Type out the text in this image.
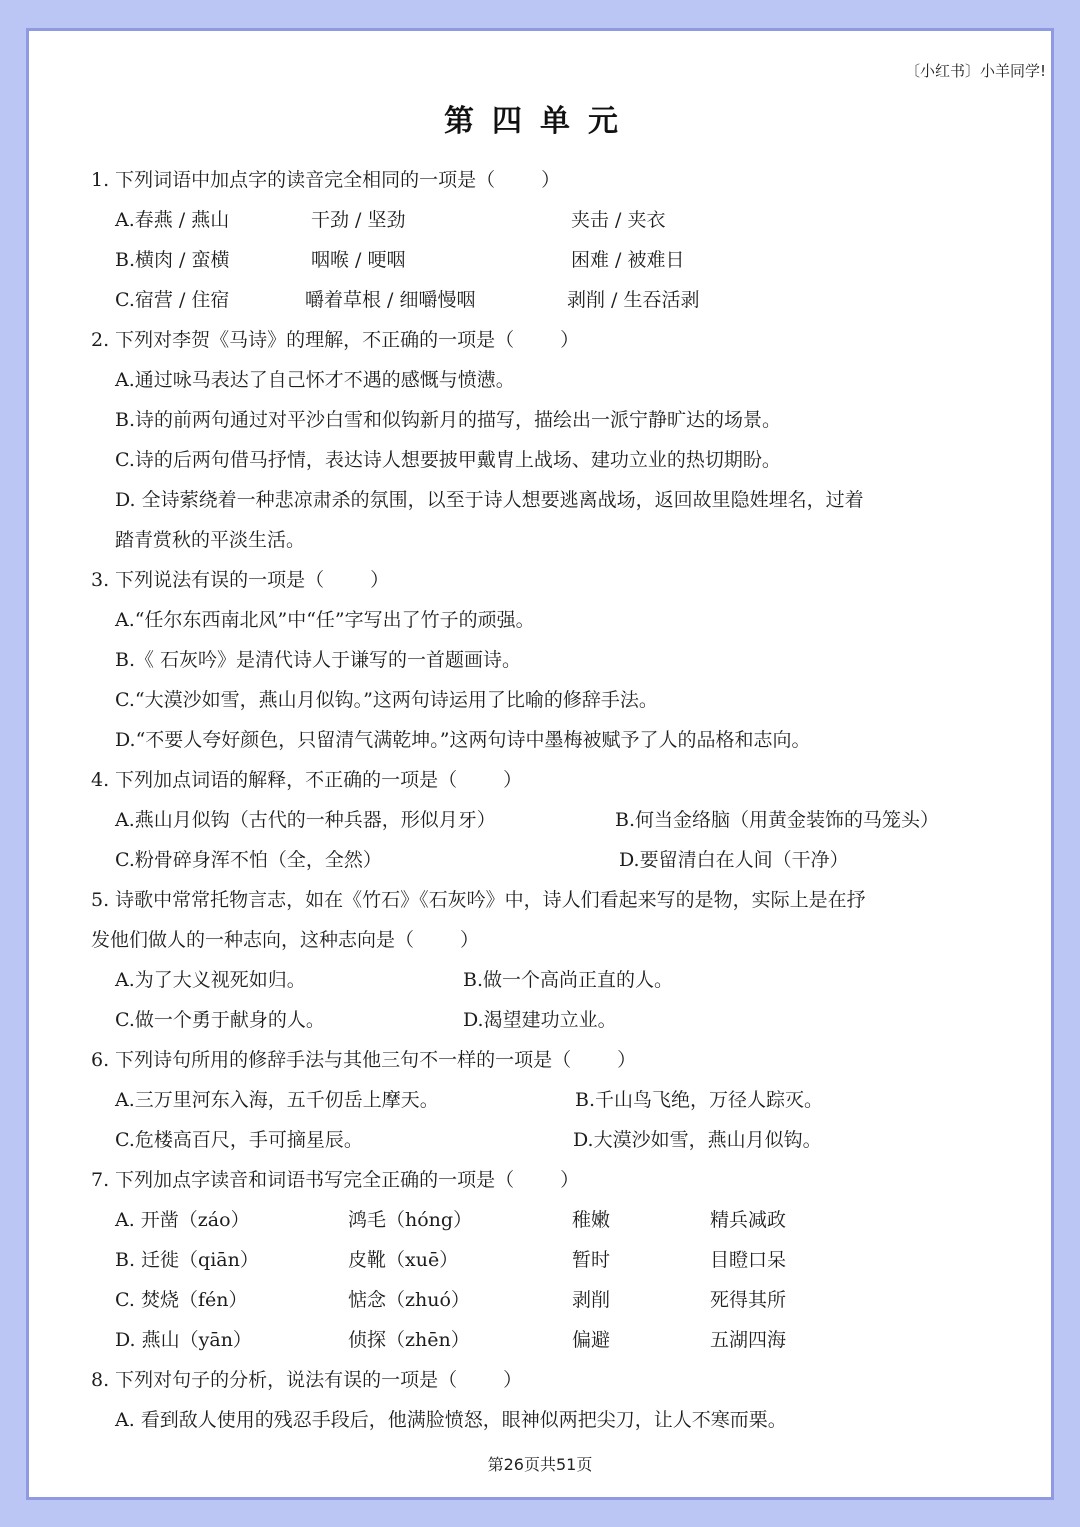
〔小红书〕小羊同学!
第四单元
1. 下列词语中加点字的读音完全相同的一项是（ ）
A.春燕 / 燕山	干劲 / 坚劲	夹击 / 夹衣
B.横肉 / 蛮横	咽喉 / 哽咽	困难 / 被难日
C.宿营 / 住宿	嚼着草根 / 细嚼慢咽	剥削 / 生吞活剥
2. 下列对李贺《马诗》的理解，不正确的一项是（ ）
A.通过咏马表达了自己怀才不遇的感慨与愤懑。
B.诗的前两句通过对平沙白雪和似钩新月的描写，描绘出一派宁静旷达的场景。
C.诗的后两句借马抒情，表达诗人想要披甲戴胄上战场、建功立业的热切期盼。
D. 全诗萦绕着一种悲凉肃杀的氛围，以至于诗人想要逃离战场，返回故里隐姓埋名，过着
踏青赏秋的平淡生活。
3. 下列说法有误的一项是（ ）
A.“任尔东西南北风”中“任”字写出了竹子的顽强。
B.《 石灰吟》是清代诗人于谦写的一首题画诗。
C.“大漠沙如雪，燕山月似钩。”这两句诗运用了比喻的修辞手法。
D.“不要人夸好颜色，只留清气满乾坤。”这两句诗中墨梅被赋予了人的品格和志向。
4. 下列加点词语的解释，不正确的一项是（ ）
A.燕山月似钩（古代的一种兵器，形似月牙）	B.何当金络脑（用黄金装饰的马笼头）
C.粉骨碎身浑不怕（全，全然）	D.要留清白在人间（干净）
5. 诗歌中常常托物言志，如在《竹石》《石灰吟》中，诗人们看起来写的是物，实际上是在抒
发他们做人的一种志向，这种志向是（ ）
A.为了大义视死如归。	B.做一个高尚正直的人。
C.做一个勇于献身的人。	D.渴望建功立业。
6. 下列诗句所用的修辞手法与其他三句不一样的一项是（ ）
A.三万里河东入海，五千仞岳上摩天。	B.千山鸟飞绝，万径人踪灭。
C.危楼高百尺，手可摘星辰。	D.大漠沙如雪，燕山月似钩。
7. 下列加点字读音和词语书写完全正确的一项是（ ）
A. 开凿（záo）	鸿毛（hóng）	稚嫩	精兵减政
B. 迁徙（qiān）	皮靴（xuē）	暂时	目瞪口呆
C. 焚烧（fén）	惦念（zhuó）	剥削	死得其所
D. 燕山（yān）	侦探（zhēn）	偏避	五湖四海
8. 下列对句子的分析，说法有误的一项是（ ）
A. 看到敌人使用的残忍手段后，他满脸愤怒，眼神似两把尖刀，让人不寒而栗。
第26页共51页
